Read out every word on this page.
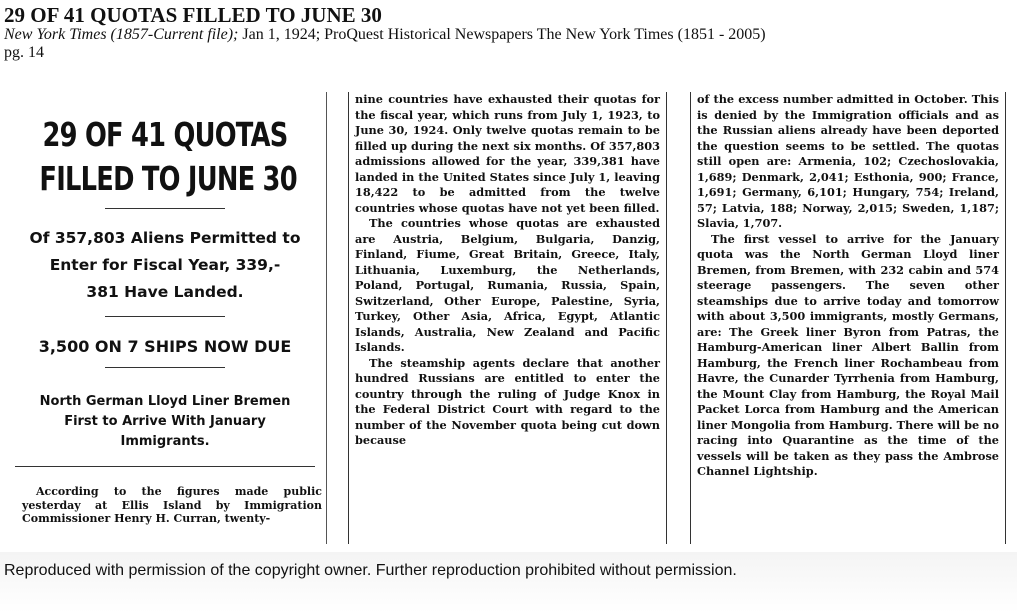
29 OF 41 QUOTAS FILLED TO JUNE 30

New York Times (1857-Current file); Jan 1, 1924; ProQuest Historical Newspapers The New York Times (1851 - 2005)

pg. 14

29 OF 41 QUOTAS
FILLED TO JUNE 30

Of 357,803 Aliens Permitted to
Enter for Fiscal Year, 339,-
381 Have Landed.

3,500 ON 7 SHIPS NOW DUE

North German Lloyd Liner Bremen
First to Arrive With January
Immigrants.

According to the figures made public yesterday at Ellis Island by Immigration Commissioner Henry H. Curran, twenty-

nine countries have exhausted their quotas for the fiscal year, which runs from July 1, 1923, to June 30, 1924. Only twelve quotas remain to be filled up during the next six months. Of 357,803 admissions allowed for the year, 339,381 have landed in the United States since July 1, leaving 18,422 to be admitted from the twelve countries whose quotas have not yet been filled.

The countries whose quotas are exhausted are Austria, Belgium, Bulgaria, Danzig, Finland, Fiume, Great Britain, Greece, Italy, Lithuania, Luxemburg, the Netherlands, Poland, Portugal, Rumania, Russia, Spain, Switzerland, Other Europe, Palestine, Syria, Turkey, Other Asia, Africa, Egypt, Atlantic Islands, Australia, New Zealand and Pacific Islands.

The steamship agents declare that another hundred Russians are entitled to enter the country through the ruling of Judge Knox in the Federal District Court with regard to the number of the November quota being cut down because

of the excess number admitted in October. This is denied by the Immigration officials and as the Russian aliens already have been deported the question seems to be settled. The quotas still open are: Armenia, 102; Czechoslovakia, 1,689; Denmark, 2,041; Esthonia, 900; France, 1,691; Germany, 6,101; Hungary, 754; Ireland, 57; Latvia, 188; Norway, 2,015; Sweden, 1,187; Slavia, 1,707.

The first vessel to arrive for the January quota was the North German Lloyd liner Bremen, from Bremen, with 232 cabin and 574 steerage passengers. The seven other steamships due to arrive today and tomorrow with about 3,500 immigrants, mostly Germans, are: The Greek liner Byron from Patras, the Hamburg-American liner Albert Ballin from Hamburg, the French liner Rochambeau from Havre, the Cunarder Tyrrhenia from Hamburg, the Mount Clay from Hamburg, the Royal Mail Packet Lorca from Hamburg and the American liner Mongolia from Hamburg. There will be no racing into Quarantine as the time of the vessels will be taken as they pass the Ambrose Channel Lightship.

Reproduced with permission of the copyright owner. Further reproduction prohibited without permission.
